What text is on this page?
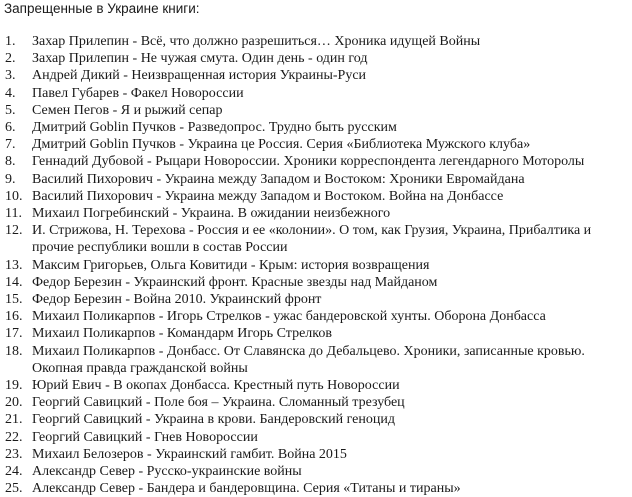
Запрещенные в Украине книги:
1.	Захар Прилепин - Всё, что должно разрешиться… Хроника идущей Войны
2.	Захар Прилепин - Не чужая смута. Один день - один год
3.	Андрей Дикий - Неизвращенная история Украины-Руси
4.	Павел Губарев - Факел Новороссии
5.	Семен Пегов - Я и рыжий сепар
6.	Дмитрий Goblin Пучков - Разведопрос. Трудно быть русским
7.	Дмитрий Goblin Пучков - Украина це Россия. Серия «Библиотека Мужского клуба»
8.	Геннадий Дубовой - Рыцари Новороссии. Хроники корреспондента легендарного Моторолы
9.	Василий Пихорович - Украина между Западом и Востоком: Хроники Евромайдана
10. Василий Пихорович - Украина между Западом и Востоком. Война на Донбассе
11. Михаил Погребинский - Украина. В ожидании неизбежного
12. И. Стрижова, Н. Терехова - Россия и ее «колонии». О том, как Грузия, Украина, Прибалтика и прочие республики вошли в состав России
13. Максим Григорьев, Ольга Ковитиди - Крым: история возвращения
14. Федор Березин - Украинский фронт. Красные звезды над Майданом
15. Федор Березин - Война 2010. Украинский фронт
16. Михаил Поликарпов - Игорь Стрелков - ужас бандеровской хунты. Оборона Донбасса
17. Михаил Поликарпов - Командарм Игорь Стрелков
18. Михаил Поликарпов - Донбасс. От Славянска до Дебальцево. Хроники, записанные кровью. Окопная правда гражданской войны
19. Юрий Евич - В окопах Донбасса. Крестный путь Новороссии
20. Георгий Савицкий - Поле боя – Украина. Сломанный трезубец
21. Георгий Савицкий - Украина в крови. Бандеровский геноцид
22. Георгий Савицкий - Гнев Новороссии
23. Михаил Белозеров - Украинский гамбит. Война 2015
24. Александр Север - Русско-украинские войны
25. Александр Север - Бандера и бандеровщина. Серия «Титаны и тираны»
